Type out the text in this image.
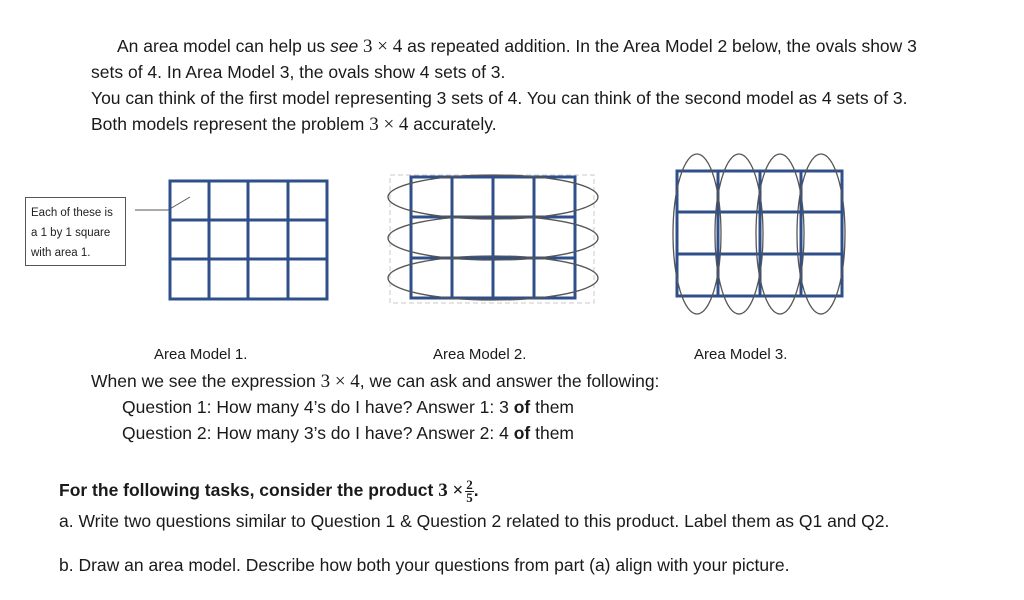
An area model can help us see 3 × 4 as repeated addition. In the Area Model 2 below, the ovals show 3
sets of 4. In Area Model 3, the ovals show 4 sets of 3.
You can think of the first model representing 3 sets of 4. You can think of the second model as 4 sets of 3.
Both models represent the problem 3 × 4 accurately.
Each of these is a 1 by 1 square with area 1.
Area Model 1.	Area Model 2.	Area Model 3.
When we see the expression 3 × 4, we can ask and answer the following:
Question 1: How many 4’s do I have? Answer 1: 3 of them
Question 2: How many 3’s do I have? Answer 2: 4 of them
For the following tasks, consider the product $3 \times \frac{2}{5}$ .
a. Write two questions similar to Question 1 & Question 2 related to this product. Label them as Q1 and Q2.
b. Draw an area model. Describe how both your questions from part (a) align with your picture.
